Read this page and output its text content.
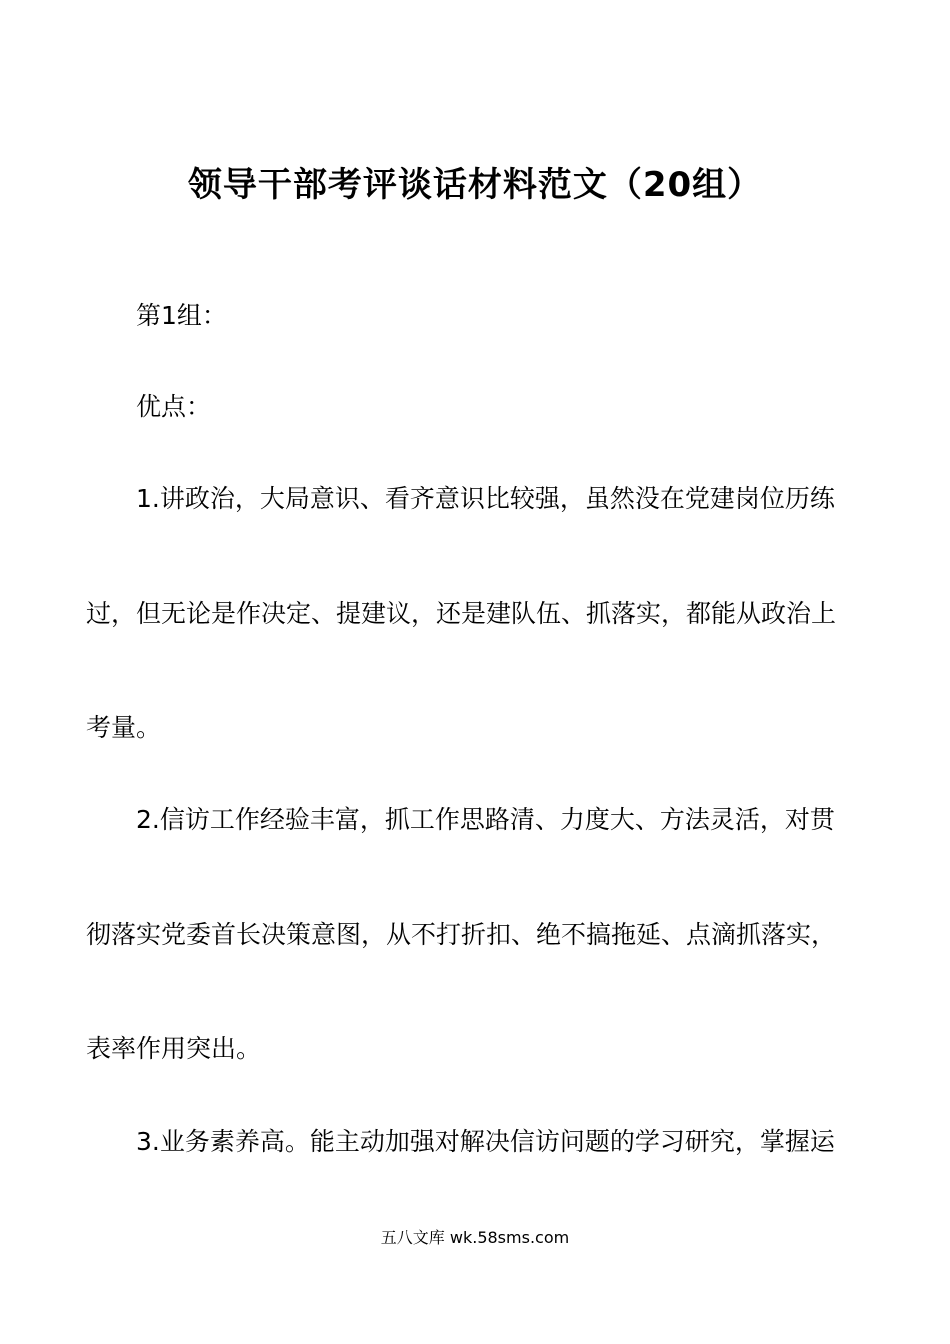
领导干部考评谈话材料范文（20组）
第1组：
优点：
1.讲政治，大局意识、看齐意识比较强，虽然没在党建岗位历练
过，但无论是作决定、提建议，还是建队伍、抓落实，都能从政治上
考量。
2.信访工作经验丰富，抓工作思路清、力度大、方法灵活，对贯
彻落实党委首长决策意图，从不打折扣、绝不搞拖延、点滴抓落实，
表率作用突出。
3.业务素养高。能主动加强对解决信访问题的学习研究，掌握运
五八文库 wk.58sms.com
